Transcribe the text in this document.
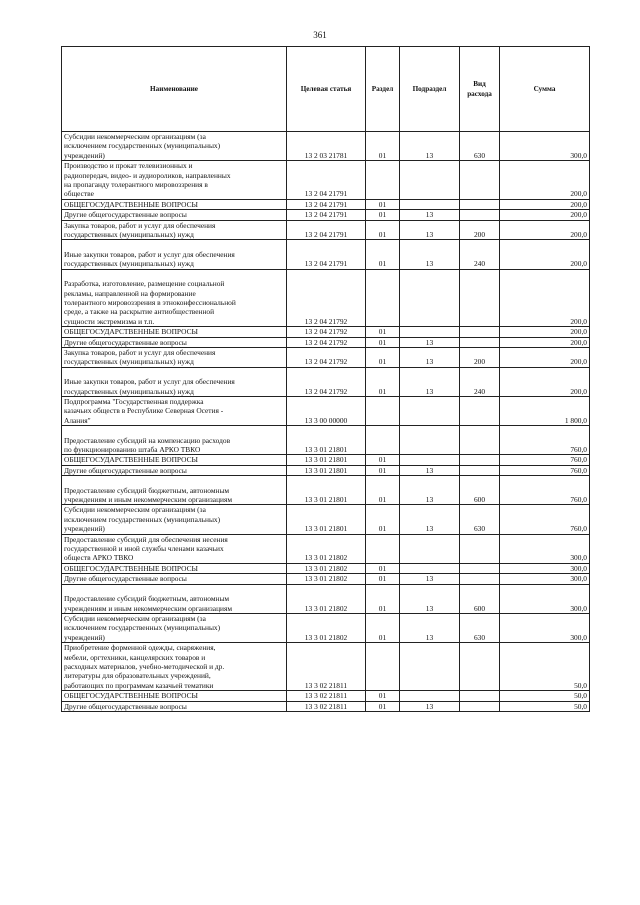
361
Наименование	Целевая статья	Раздел	Подраздел	Вид расхода	Сумма
Субсидии некоммерческим организациям (за
исключением государственных (муниципальных)
учреждений)	13 2 03 21781	01	13	630	300,0
Производство и прокат телевизионных и
радиопередач, видео- и аудиороликов, направленных
на пропаганду толерантного мировоззрения в
обществе	13 2 04 21791				200,0
ОБЩЕГОСУДАРСТВЕННЫЕ ВОПРОСЫ	13 2 04 21791	01			200,0
Другие общегосударственные вопросы	13 2 04 21791	01	13		200,0
Закупка товаров, работ и услуг для обеспечения
государственных (муниципальных) нужд	13 2 04 21791	01	13	200	200,0

Иные закупки товаров, работ и услуг для обеспечения
государственных (муниципальных) нужд	13 2 04 21791	01	13	240	200,0

Разработка, изготовление, размещение социальной
рекламы, направленной на формирование
толерантного мировоззрения в этноконфессиональной
среде, а также на раскрытие антиобщественной
сущности экстремизма и т.п.	13 2 04 21792				200,0
ОБЩЕГОСУДАРСТВЕННЫЕ ВОПРОСЫ	13 2 04 21792	01			200,0
Другие общегосударственные вопросы	13 2 04 21792	01	13		200,0
Закупка товаров, работ и услуг для обеспечения
государственных (муниципальных) нужд	13 2 04 21792	01	13	200	200,0

Иные закупки товаров, работ и услуг для обеспечения
государственных (муниципальных) нужд	13 2 04 21792	01	13	240	200,0
Подпрограмма "Государственная поддержка
казачьих обществ в Республике Северная Осетия -
Алания"	13 3 00 00000				1 800,0

Предоставление субсидий на компенсацию расходов
по функционированию штаба АРКО ТВКО	13 3 01 21801				760,0
ОБЩЕГОСУДАРСТВЕННЫЕ ВОПРОСЫ	13 3 01 21801	01			760,0
Другие общегосударственные вопросы	13 3 01 21801	01	13		760,0

Предоставление субсидий бюджетным, автономным
учреждениям и иным некоммерческим организациям	13 3 01 21801	01	13	600	760,0
Субсидии некоммерческим организациям (за
исключением государственных (муниципальных)
учреждений)	13 3 01 21801	01	13	630	760,0
Предоставление субсидий для обеспечения несения
государственной и иной службы членами казачьих
обществ АРКО ТВКО	13 3 01 21802				300,0
ОБЩЕГОСУДАРСТВЕННЫЕ ВОПРОСЫ	13 3 01 21802	01			300,0
Другие общегосударственные вопросы	13 3 01 21802	01	13		300,0

Предоставление субсидий бюджетным, автономным
учреждениям и иным некоммерческим организациям	13 3 01 21802	01	13	600	300,0
Субсидии некоммерческим организациям (за
исключением государственных (муниципальных)
учреждений)	13 3 01 21802	01	13	630	300,0
Приобретение форменной одежды, снаряжения,
мебели, оргтехники, канцелярских товаров и
расходных материалов, учебно-методической и др.
литературы для образовательных учреждений,
работающих по программам казачьей тематики	13 3 02 21811				50,0
ОБЩЕГОСУДАРСТВЕННЫЕ ВОПРОСЫ	13 3 02 21811	01			50,0
Другие общегосударственные вопросы	13 3 02 21811	01	13		50,0
